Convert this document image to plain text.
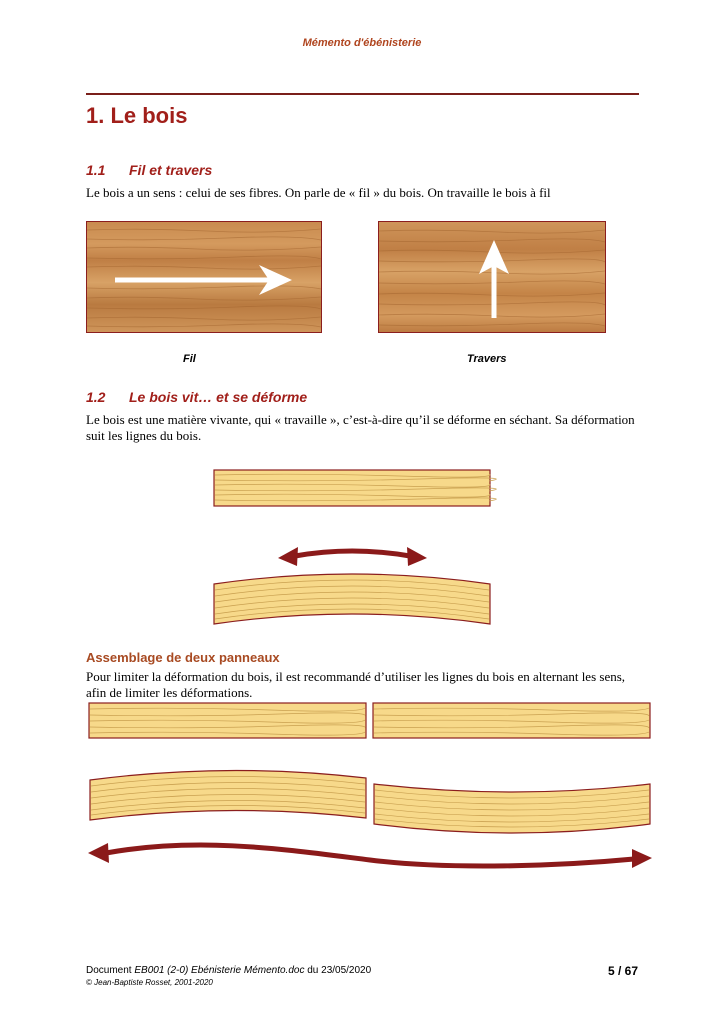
Mémento d'ébénisterie
1. Le bois
1.1 Fil et travers
Le bois a un sens : celui de ses fibres. On parle de « fil » du bois. On travaille le bois à fil
Fil	Travers
1.2 Le bois vit… et se déforme
Le bois est une matière vivante, qui « travaille », c’est-à-dire qu’il se déforme en séchant. Sa déformation suit les lignes du bois.
Assemblage de deux panneaux
Pour limiter la déformation du bois, il est recommandé d’utiliser les lignes du bois en alternant les sens, afin de limiter les déformations.
Document EB001 (2-0) Ebénisterie Mémento.doc du 23/05/2020
© Jean-Baptiste Rosset, 2001-2020
5 / 67
